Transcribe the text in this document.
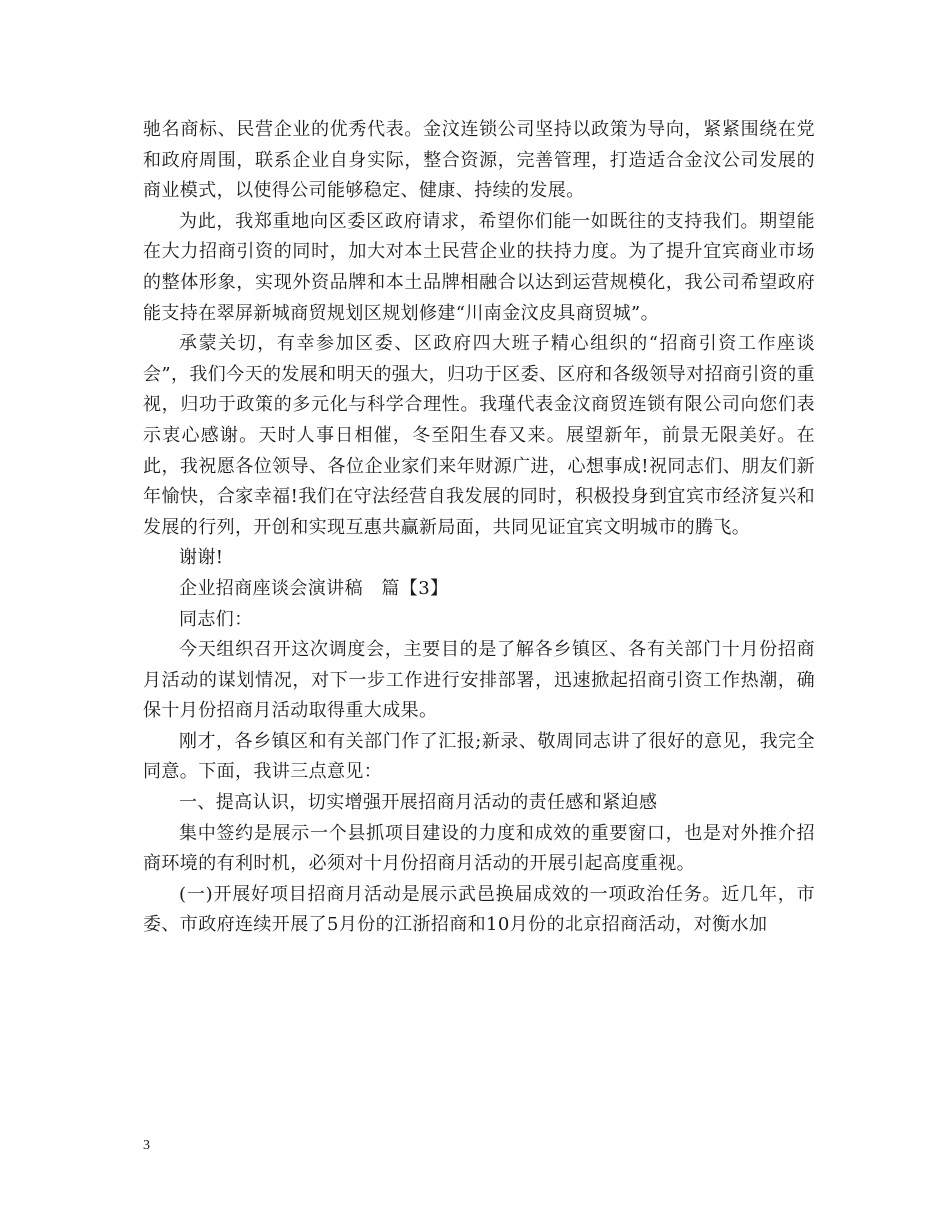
驰名商标、民营企业的优秀代表。金汶连锁公司坚持以政策为导向，紧紧围绕在党和政府周围，联系企业自身实际，整合资源，完善管理，打造适合金汶公司发展的商业模式，以使得公司能够稳定、健康、持续的发展。

为此，我郑重地向区委区政府请求，希望你们能一如既往的支持我们。期望能在大力招商引资的同时，加大对本土民营企业的扶持力度。为了提升宜宾商业市场的整体形象，实现外资品牌和本土品牌相融合以达到运营规模化，我公司希望政府能支持在翠屏新城商贸规划区规划修建“川南金汶皮具商贸城”。

承蒙关切，有幸参加区委、区政府四大班子精心组织的“招商引资工作座谈会”，我们今天的发展和明天的强大，归功于区委、区府和各级领导对招商引资的重视，归功于政策的多元化与科学合理性。我瑾代表金汶商贸连锁有限公司向您们表示衷心感谢。天时人事日相催，冬至阳生春又来。展望新年，前景无限美好。在此，我祝愿各位领导、各位企业家们来年财源广进，心想事成!祝同志们、朋友们新年愉快，合家幸福!我们在守法经营自我发展的同时，积极投身到宜宾市经济复兴和发展的行列，开创和实现互惠共赢新局面，共同见证宜宾文明城市的腾飞。

谢谢!

企业招商座谈会演讲稿　篇【3】

同志们：

今天组织召开这次调度会，主要目的是了解各乡镇区、各有关部门十月份招商月活动的谋划情况，对下一步工作进行安排部署，迅速掀起招商引资工作热潮，确保十月份招商月活动取得重大成果。

刚才，各乡镇区和有关部门作了汇报;新录、敬周同志讲了很好的意见，我完全同意。下面，我讲三点意见：

一、提高认识，切实增强开展招商月活动的责任感和紧迫感

集中签约是展示一个县抓项目建设的力度和成效的重要窗口，也是对外推介招商环境的有利时机，必须对十月份招商月活动的开展引起高度重视。

(一)开展好项目招商月活动是展示武邑换届成效的一项政治任务。近几年，市委、市政府连续开展了5月份的江浙招商和10月份的北京招商活动，对衡水加

3
